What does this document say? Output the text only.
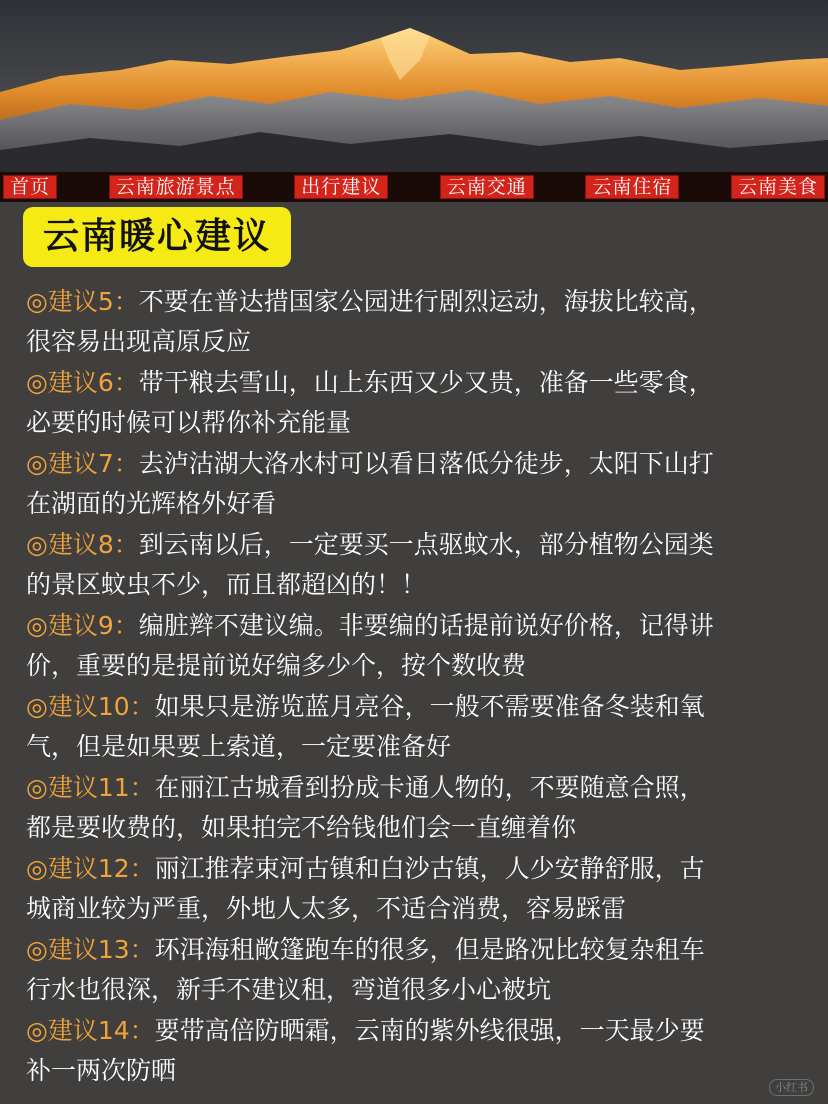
首页	云南旅游景点	出行建议	云南交通	云南住宿	云南美食
云南暖心建议
◎建议5：不要在普达措国家公园进行剧烈运动，海拔比较高，
很容易出现高原反应
◎建议6：带干粮去雪山，山上东西又少又贵，准备一些零食，
必要的时候可以帮你补充能量
◎建议7：去泸沽湖大洛水村可以看日落低分徒步，太阳下山打
在湖面的光辉格外好看
◎建议8：到云南以后，一定要买一点驱蚊水，部分植物公园类
的景区蚊虫不少，而且都超凶的！！
◎建议9：编脏辫不建议编。非要编的话提前说好价格，记得讲
价，重要的是提前说好编多少个，按个数收费
◎建议10：如果只是游览蓝月亮谷，一般不需要准备冬装和氧
气，但是如果要上索道，一定要准备好
◎建议11：在丽江古城看到扮成卡通人物的，不要随意合照，
都是要收费的，如果拍完不给钱他们会一直缠着你
◎建议12：丽江推荐束河古镇和白沙古镇，人少安静舒服，古
城商业较为严重，外地人太多，不适合消费，容易踩雷
◎建议13：环洱海租敞篷跑车的很多，但是路况比较复杂租车
行水也很深，新手不建议租，弯道很多小心被坑
◎建议14：要带高倍防晒霜，云南的紫外线很强，一天最少要
补一两次防晒
小红书
